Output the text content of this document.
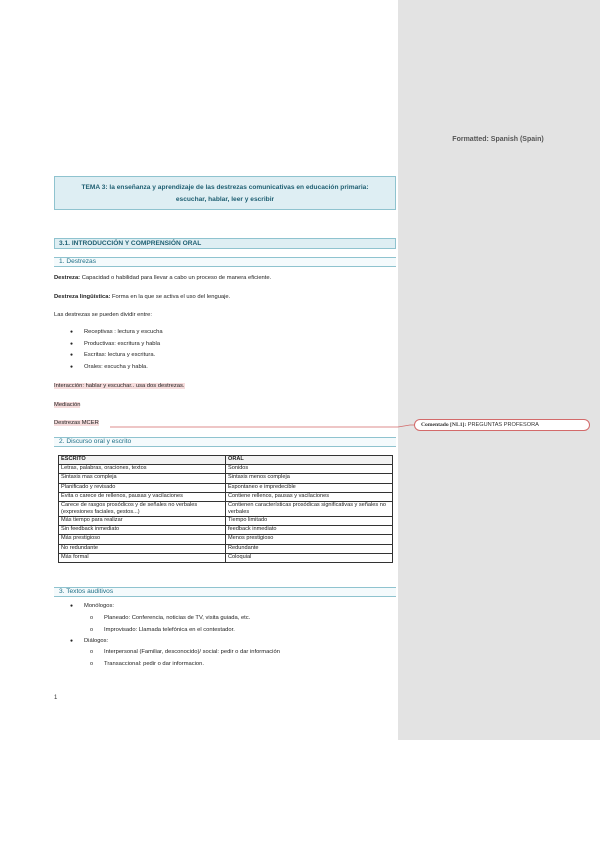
Formatted: Spanish (Spain)
TEMA 3: la enseñanza y aprendizaje de las destrezas comunicativas en educación primaria:
escuchar, hablar, leer y escribir
3.1. INTRODUCCIÓN Y COMPRENSIÓN ORAL
1. Destrezas
Destreza: Capacidad o habilidad para llevar a cabo un proceso de manera eficiente.
Destreza lingüística: Forma en la que se activa el uso del lenguaje.
Las destrezas se pueden dividir entre:
● Receptivas : lectura y escucha
● Productivas: escritura y habla
● Escritas: lectura y escritura.
● Orales: escucha y habla.
Interacción: hablar y escuchar.. usa dos destrezas.
Mediación
Destrezas MCER	Comentado [NL1]: PREGUNTAS PROFESORA
2. Discurso oral y escrito
ESCRITO	ORAL
Letras, palabras, oraciones, textos	Sonidos
Sintaxis mas compleja	Sintaxis menos compleja
Planificado y revisado	Espontaneo e impredecible
Evita o carece de rellenos, pausas y vacilaciones	Contiene rellenos, pausas y vacilaciones
Carece de rasgos prosódicos y de señales no verbales (expresiones faciales, gestos...)	Contienen características prosódicas significativas y señales no verbales
Más tiempo para realizar	Tiempo limitado
Sin feedback inmediato	feedback inmediato
Más prestigioso	Menos prestigioso
No redundante	Redundante
Más formal	Coloquial
3. Textos auditivos
● Monólogos:
o Planeado: Conferencia, noticias de TV, visita guiada, etc.
o Improvisado: Llamada telefónica en el contestador.
● Diálogos:
o Interpersonal (Familiar, desconocido)/ social: pedir o dar información
o Transaccional: pedir o dar informacion.
1
